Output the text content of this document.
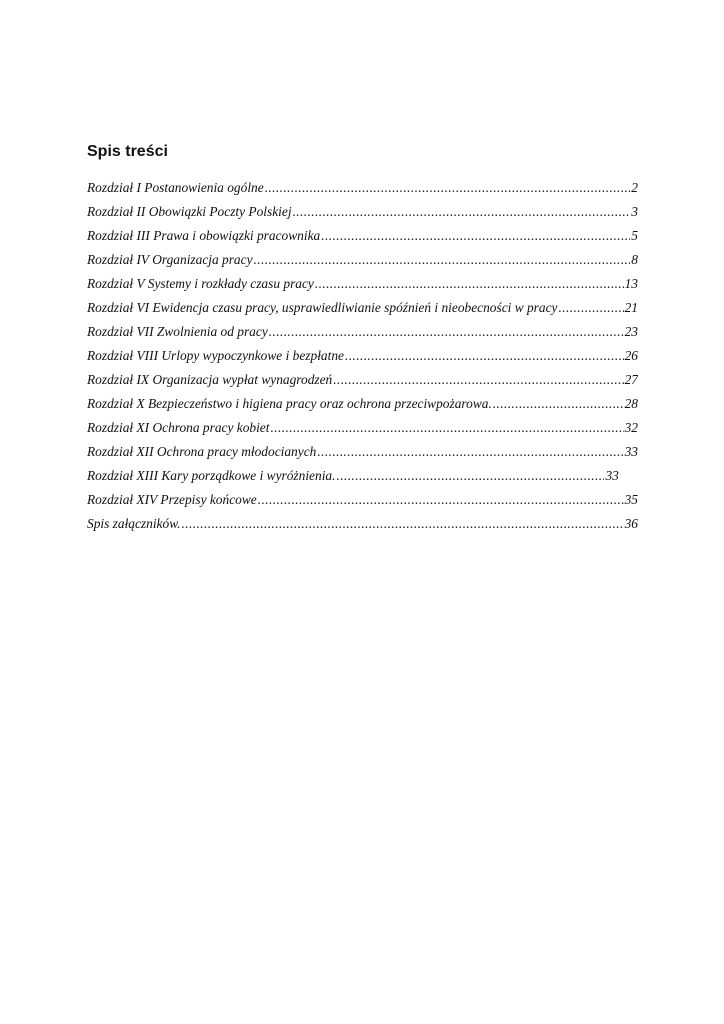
Spis treści
Rozdział I Postanowienia ogólne .....	2
Rozdział II Obowiązki Poczty Polskiej .....	3
Rozdział III Prawa i obowiązki pracownika .....	5
Rozdział IV Organizacja pracy .....	8
Rozdział V Systemy i rozkłady czasu pracy .....	13
Rozdział VI Ewidencja czasu pracy, usprawiedliwianie spóźnień i nieobecności w pracy .....	21
Rozdział VII Zwolnienia od pracy .....	23
Rozdział VIII Urlopy wypoczynkowe i bezpłatne .....	26
Rozdział IX Organizacja wypłat wynagrodzeń .....	27
Rozdział X Bezpieczeństwo i higiena pracy oraz ochrona przeciwpożarowa. .....	28
Rozdział XI Ochrona pracy kobiet .....	32
Rozdział XII Ochrona pracy młodocianych .....	33
Rozdział XIII Kary porządkowe i wyróżnienia. .....	33
Rozdział XIV Przepisy końcowe .....	35
Spis załączników. .....	36
